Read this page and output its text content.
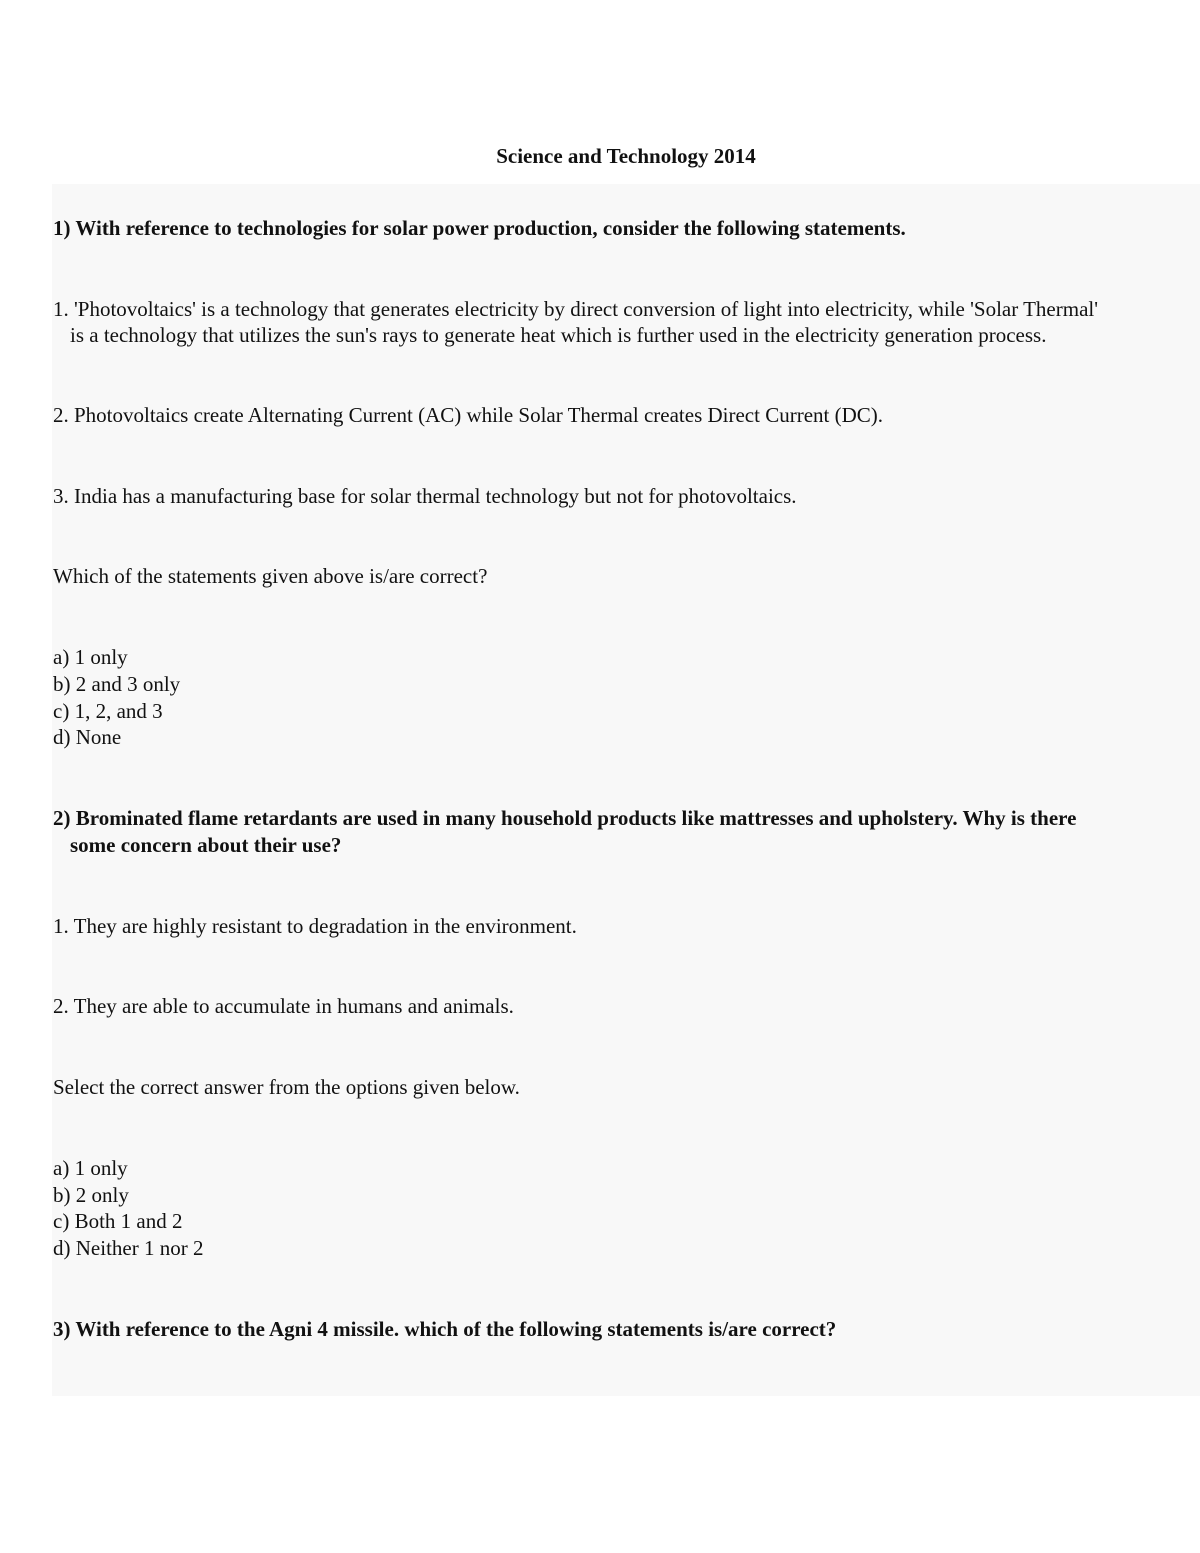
Science and Technology 2014
1) With reference to technologies for solar power production, consider the following statements.
1. 'Photovoltaics' is a technology that generates electricity by direct conversion of light into electricity, while 'Solar Thermal'
is a technology that utilizes the sun's rays to generate heat which is further used in the electricity generation process.
2. Photovoltaics create Alternating Current (AC) while Solar Thermal creates Direct Current (DC).
3. India has a manufacturing base for solar thermal technology but not for photovoltaics.
Which of the statements given above is/are correct?
a) 1 only
b) 2 and 3 only
c) 1, 2, and 3
d) None
2) Brominated flame retardants are used in many household products like mattresses and upholstery. Why is there
some concern about their use?
1. They are highly resistant to degradation in the environment.
2. They are able to accumulate in humans and animals.
Select the correct answer from the options given below.
a) 1 only
b) 2 only
c) Both 1 and 2
d) Neither 1 nor 2
3) With reference to the Agni 4 missile. which of the following statements is/are correct?
